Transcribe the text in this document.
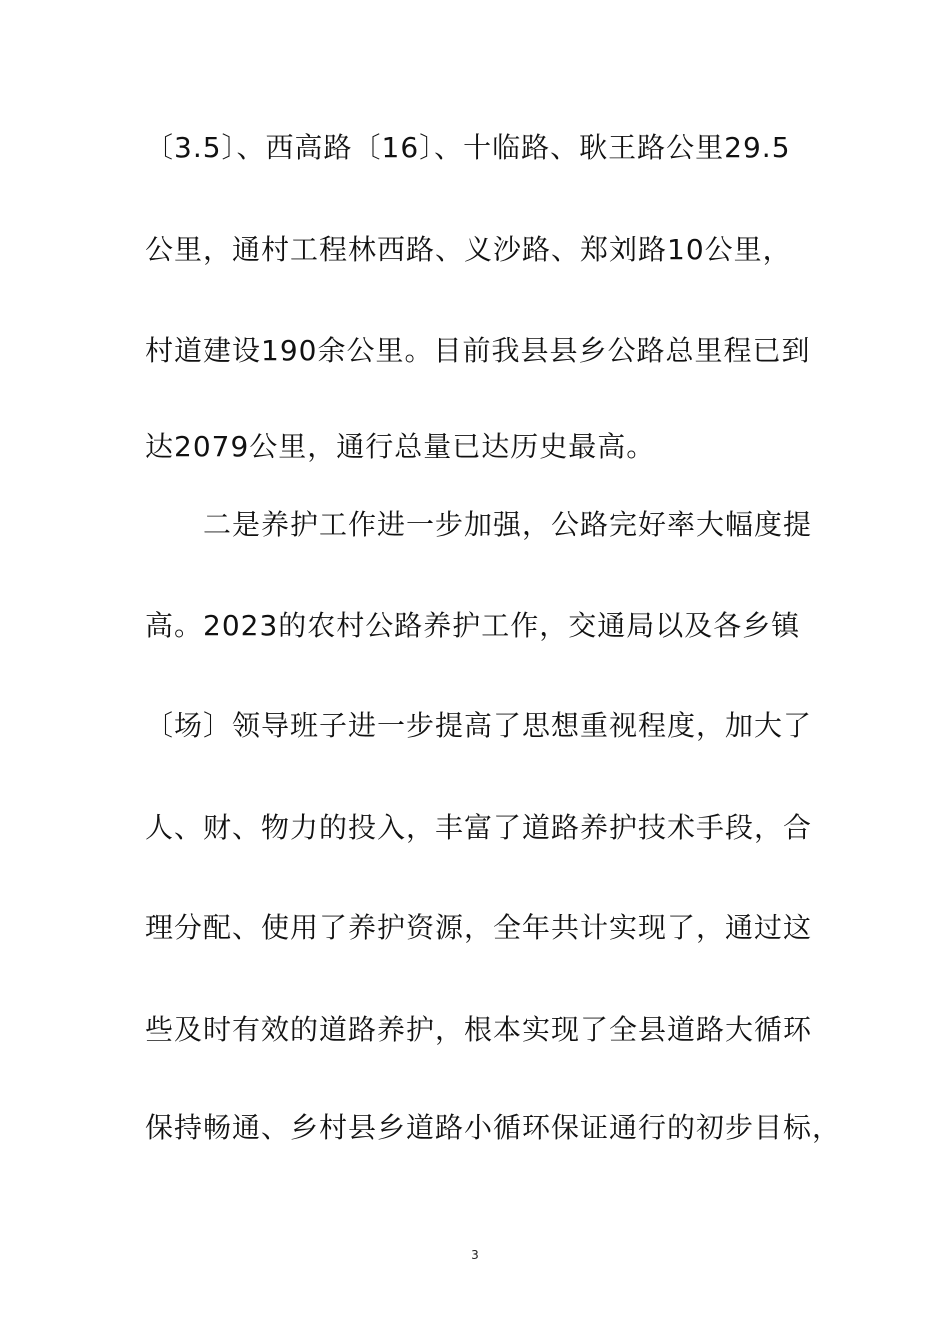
〔3.5〕、西高路〔16〕、十临路、耿王路公里29.5
公里，通村工程林西路、义沙路、郑刘路10公里，
村道建设190余公里。目前我县县乡公路总里程已到
达2079公里，通行总量已达历史最高。
二是养护工作进一步加强，公路完好率大幅度提
高。2023的农村公路养护工作，交通局以及各乡镇
〔场〕领导班子进一步提高了思想重视程度，加大了
人、财、物力的投入，丰富了道路养护技术手段，合
理分配、使用了养护资源，全年共计实现了，通过这
些及时有效的道路养护，根本实现了全县道路大循环
保持畅通、乡村县乡道路小循环保证通行的初步目标，
3
